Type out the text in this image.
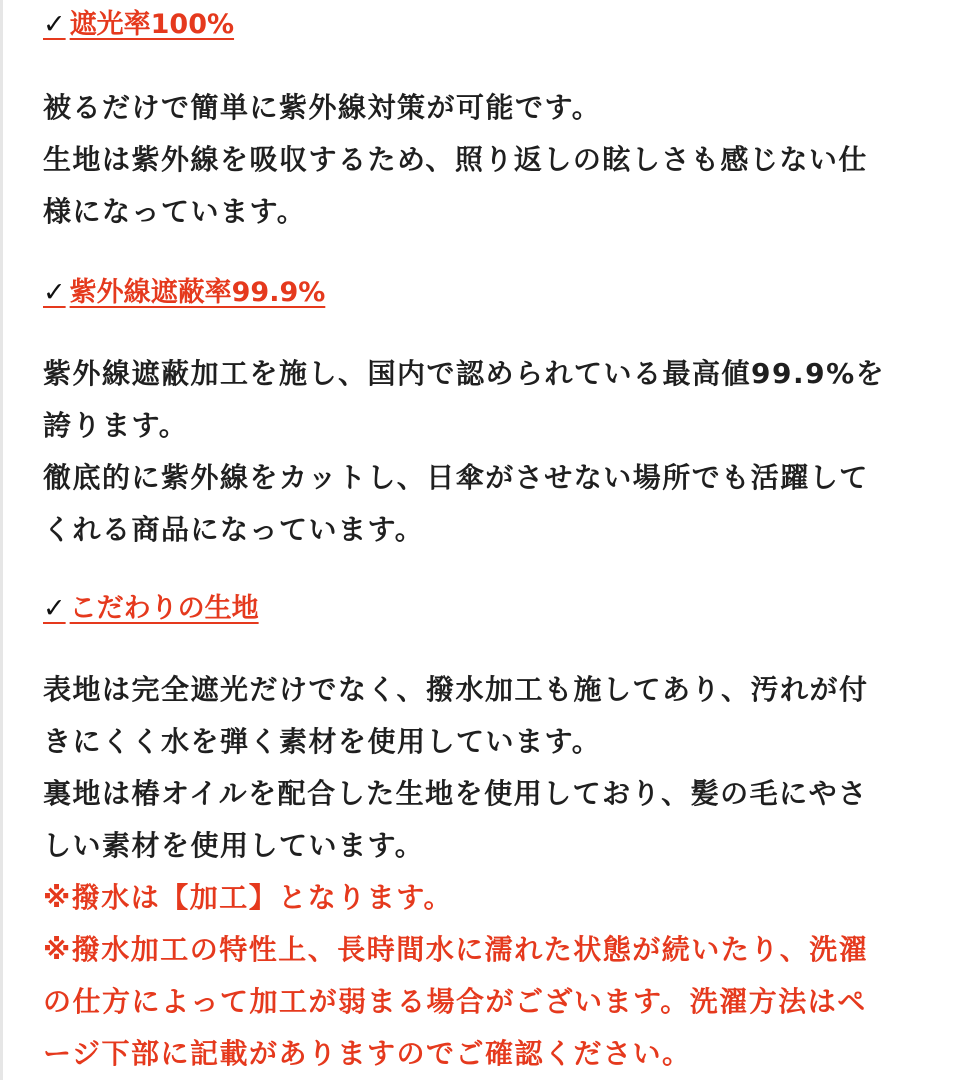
✓ 遮光率100%
被るだけで簡単に紫外線対策が可能です。
生地は紫外線を吸収するため、照り返しの眩しさも感じない仕
様になっています。
✓ 紫外線遮蔽率99.9%
紫外線遮蔽加工を施し、国内で認められている最高値99.9%を
誇ります。
徹底的に紫外線をカットし、日傘がさせない場所でも活躍して
くれる商品になっています。
✓ こだわりの生地
表地は完全遮光だけでなく、撥水加工も施してあり、汚れが付
きにくく水を弾く素材を使用しています。
裏地は椿オイルを配合した生地を使用しており、髪の毛にやさ
しい素材を使用しています。
※撥水は【加工】となります。
※撥水加工の特性上、長時間水に濡れた状態が続いたり、洗濯
の仕方によって加工が弱まる場合がございます。洗濯方法はペ
ージ下部に記載がありますのでご確認ください。
